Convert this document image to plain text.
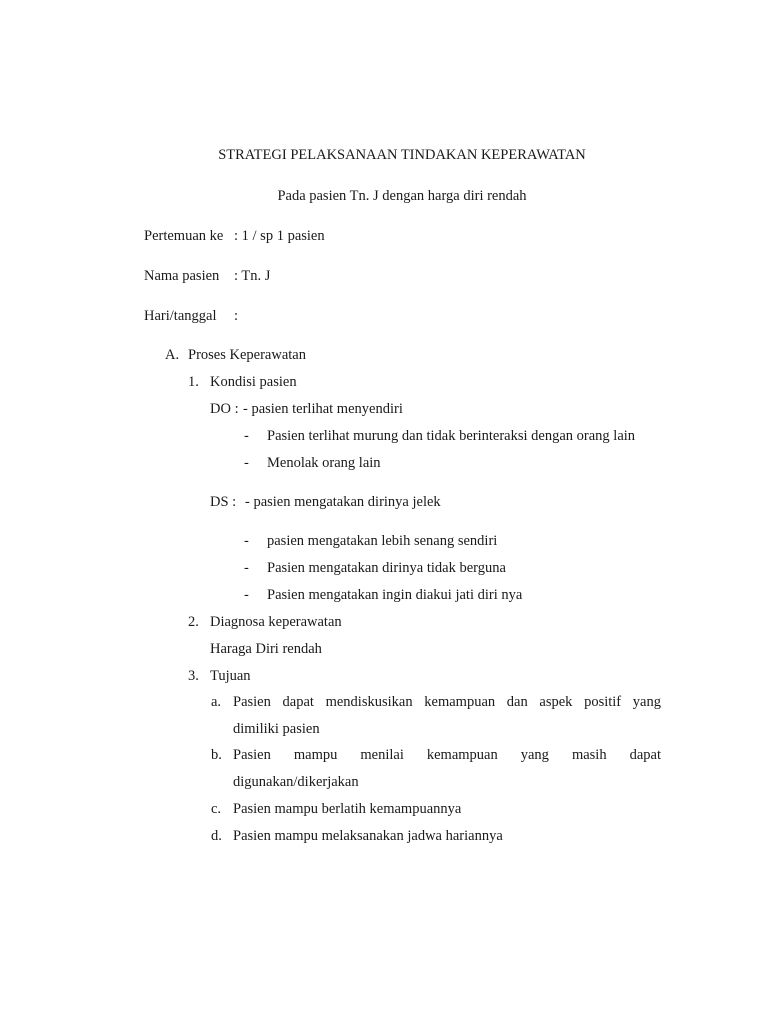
STRATEGI PELAKSANAAN TINDAKAN KEPERAWATAN
Pada pasien Tn. J dengan harga diri rendah
Pertemuan ke : 1 / sp 1 pasien
Nama pasien : Tn. J
Hari/tanggal :
A. Proses Keperawatan
1. Kondisi pasien
DO : - pasien terlihat menyendiri
- Pasien terlihat murung dan tidak berinteraksi dengan orang lain
- Menolak orang lain
DS : - pasien mengatakan dirinya jelek
- pasien mengatakan lebih senang sendiri
- Pasien mengatakan dirinya tidak berguna
- Pasien mengatakan ingin diakui jati diri nya
2. Diagnosa keperawatan
Haraga Diri rendah
3. Tujuan
a. Pasien dapat mendiskusikan kemampuan dan aspek positif yang
dimiliki pasien
b. Pasien mampu menilai kemampuan yang masih dapat
digunakan/dikerjakan
c. Pasien mampu berlatih kemampuannya
d. Pasien mampu melaksanakan jadwa hariannya
